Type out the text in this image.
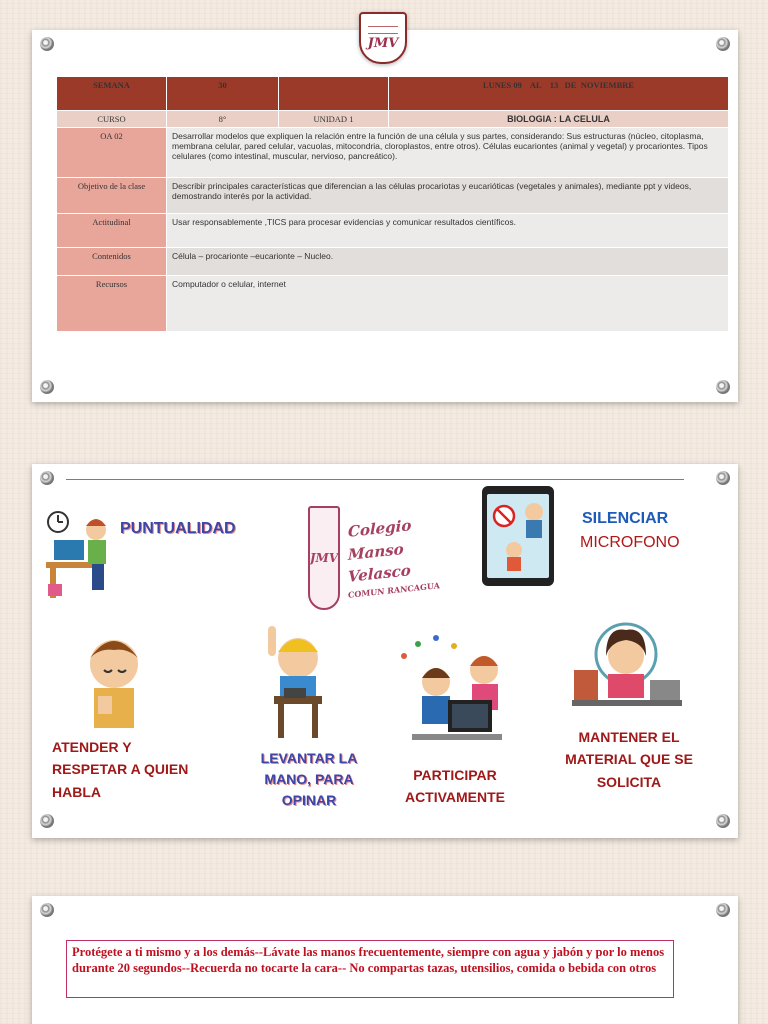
SEMANA	30		LUNES 09    AL    13   DE  NOVIEMBRE
CURSO	8°	UNIDAD 1	BIOLOGIA : LA CELULA
OA 02	Desarrollar modelos que expliquen la relación entre la función de una célula y sus partes, considerando: Sus estructuras (núcleo, citoplasma, membrana celular, pared celular, vacuolas, mitocondria, cloroplastos, entre otros). Células eucariontes (animal y vegetal) y procariontes. Tipos celulares (como intestinal, muscular, nervioso, pancreático).		
Objetivo de la clase	Describir principales características que diferencian a las células procariotas y eucarióticas (vegetales y animales), mediante ppt y videos, demostrando interés por la actividad.		
Actitudinal	Usar responsablemente ,TICS para procesar evidencias y comunicar resultados científicos.		
Contenidos	Célula – procarionte –eucarionte – Nucleo.		
Recursos	Computador o celular, internet		
JMV
PUNTUALIDAD
JMV
Colegio Manso Velasco
COMUN RANCAGUA
SILENCIAR
MICROFONO
ATENDER Y RESPETAR A QUIEN HABLA
LEVANTAR LA MANO, PARA OPINAR
PARTICIPAR ACTIVAMENTE
MANTENER EL MATERIAL QUE SE SOLICITA
Protégete a ti mismo y a los demás--Lávate las manos frecuentemente, siempre con agua y jabón y por lo menos durante 20 segundos--Recuerda no tocarte la cara-- No compartas tazas, utensilios, comida o bebida con otros
